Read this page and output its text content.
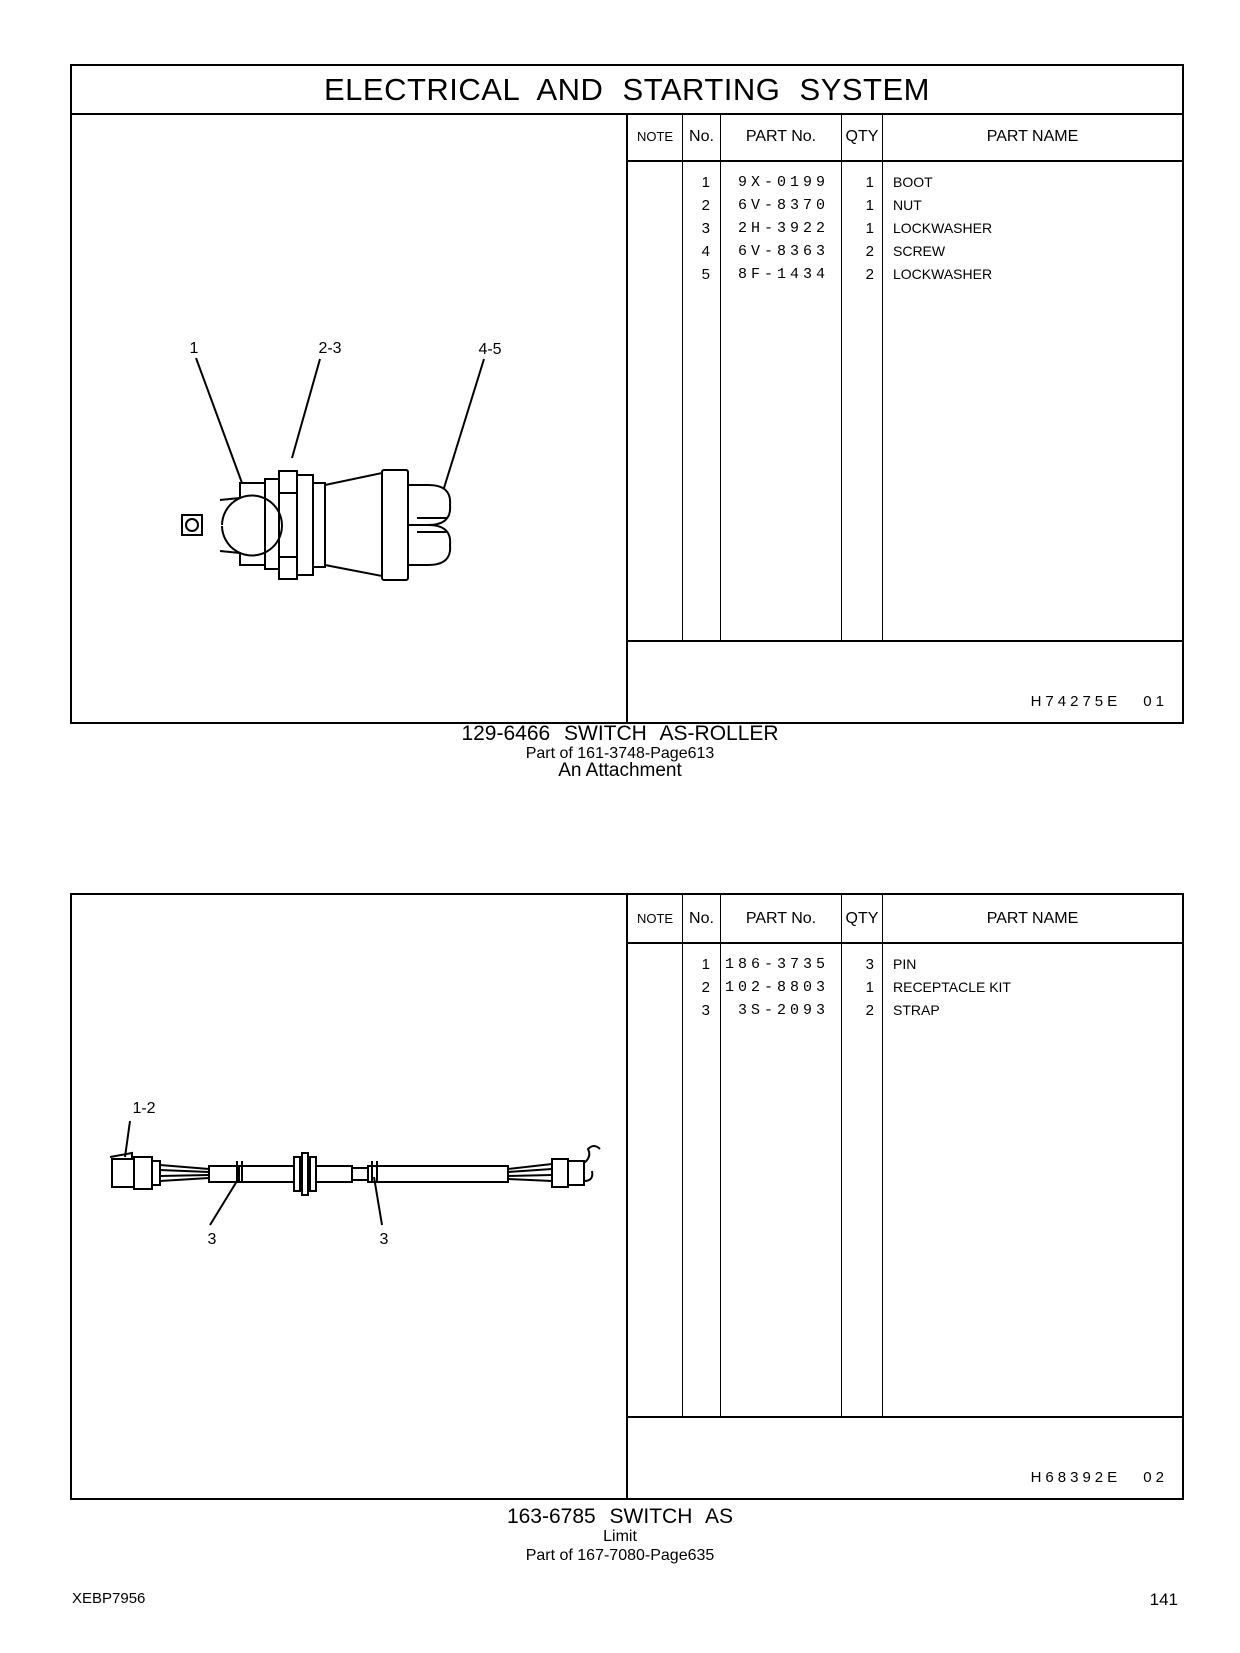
ELECTRICAL AND STARTING SYSTEM
1	2-3	4-5
NOTE No.	PART No.	QTY	PART NAME
1	9X-0199	1	BOOT
2	6V-8370	1	NUT
3	2H-3922	1	LOCKWASHER
4	6V-8363	2	SCREW
5	8F-1434	2	LOCKWASHER
H74275E 01
129-6466 SWITCH AS-ROLLER
Part of 161-3748-Page613
An Attachment
1-2
3	3
NOTE No.	PART No.	QTY	PART NAME
1 186-3735	3	PIN
2 102-8803	1	RECEPTACLE KIT
3	3S-2093	2	STRAP
H68392E 02
163-6785 SWITCH AS
Limit
Part of 167-7080-Page635
XEBP7956	141
